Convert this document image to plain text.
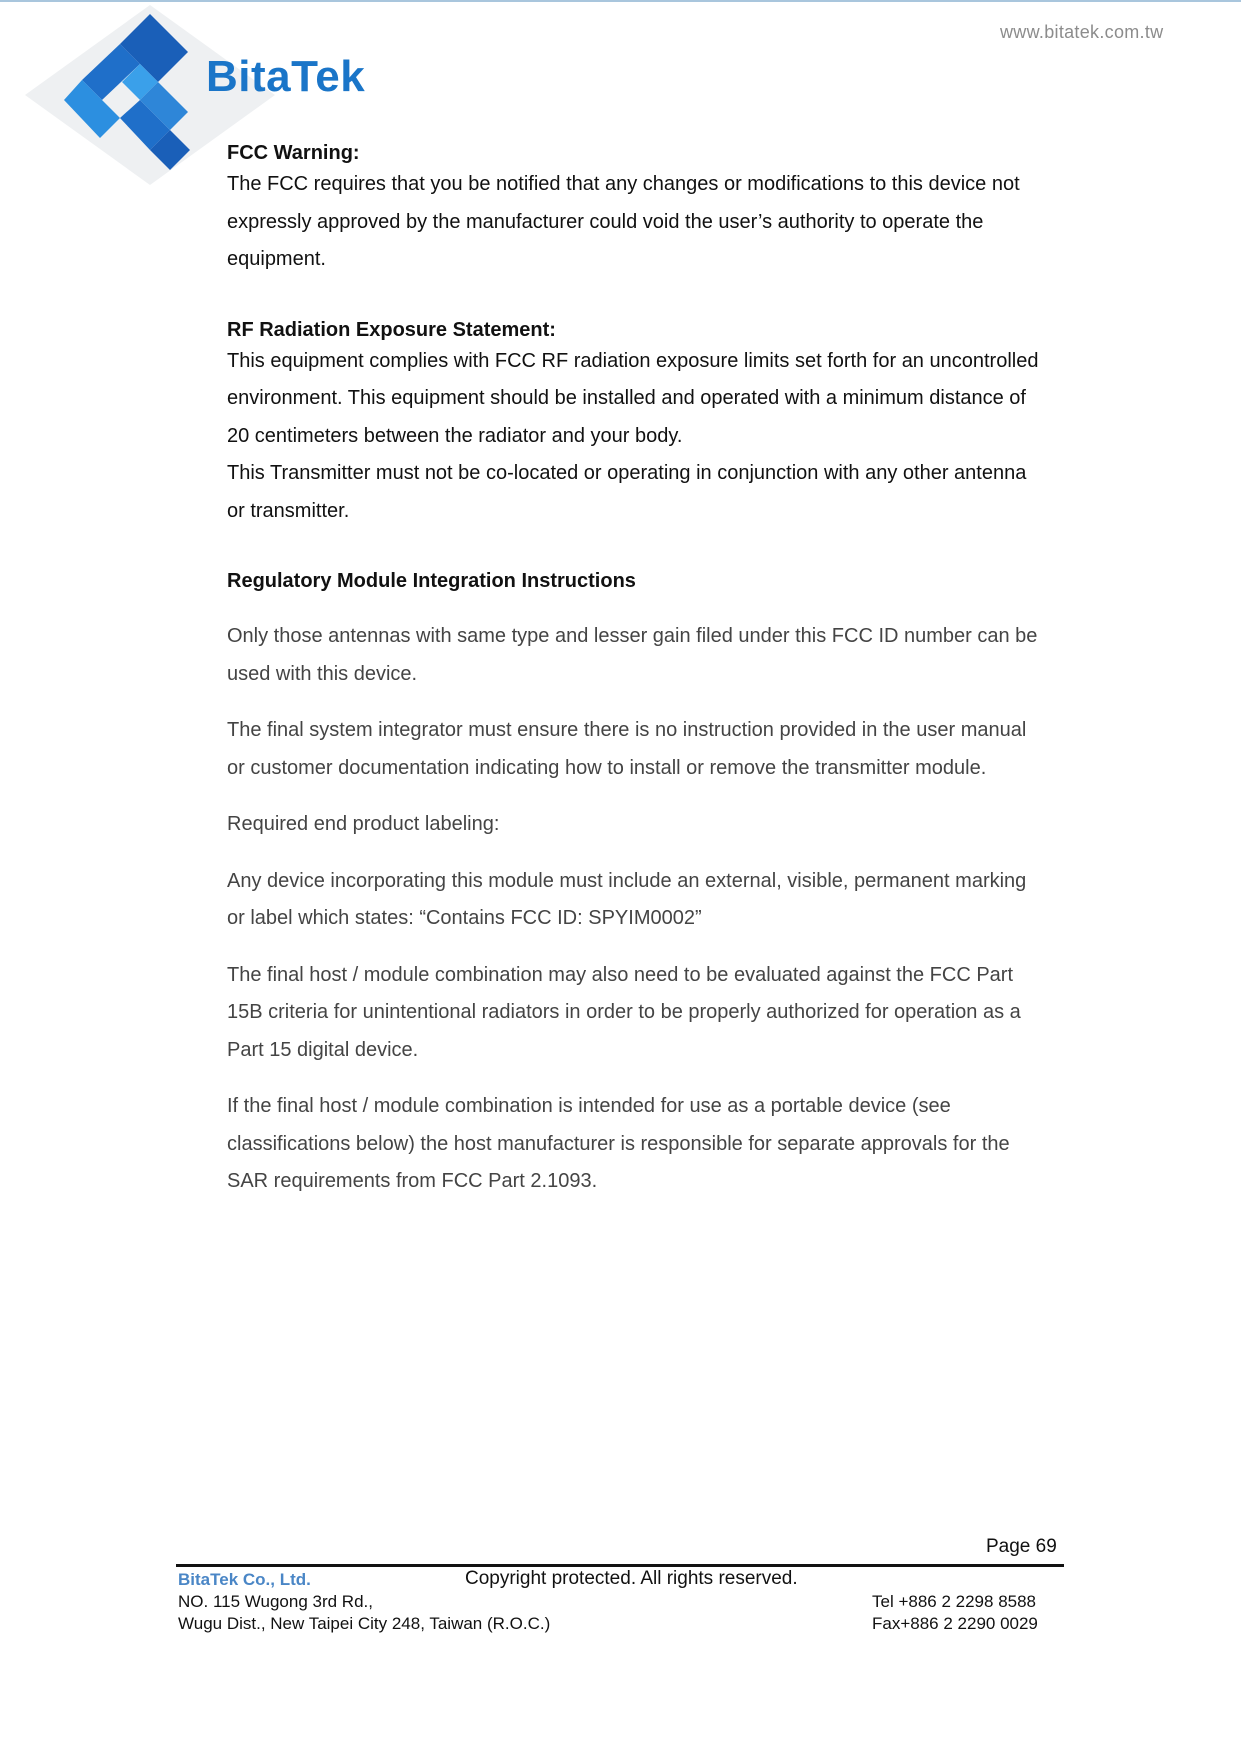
BitaTek
www.bitatek.com.tw
FCC Warning:
The FCC requires that you be notified that any changes or modifications to this device not
expressly approved by the manufacturer could void the user’s authority to operate the
equipment.
RF Radiation Exposure Statement:
This equipment complies with FCC RF radiation exposure limits set forth for an uncontrolled
environment. This equipment should be installed and operated with a minimum distance of
20 centimeters between the radiator and your body.
This Transmitter must not be co-located or operating in conjunction with any other antenna
or transmitter.
Regulatory Module Integration Instructions
Only those antennas with same type and lesser gain filed under this FCC ID number can be
used with this device.
The final system integrator must ensure there is no instruction provided in the user manual
or customer documentation indicating how to install or remove the transmitter module.
Required end product labeling:
Any device incorporating this module must include an external, visible, permanent marking
or label which states: “Contains FCC ID: SPYIM0002”
The final host / module combination may also need to be evaluated against the FCC Part
15B criteria for unintentional radiators in order to be properly authorized for operation as a
Part 15 digital device.
If the final host / module combination is intended for use as a portable device (see
classifications below) the host manufacturer is responsible for separate approvals for the
SAR requirements from FCC Part 2.1093.
Page 69
BitaTek Co., Ltd.	Copyright protected. All rights reserved.
NO. 115 Wugong 3rd Rd.,
Wugu Dist., New Taipei City 248, Taiwan (R.O.C.)
Tel +886 2 2298 8588
Fax+886 2 2290 0029
